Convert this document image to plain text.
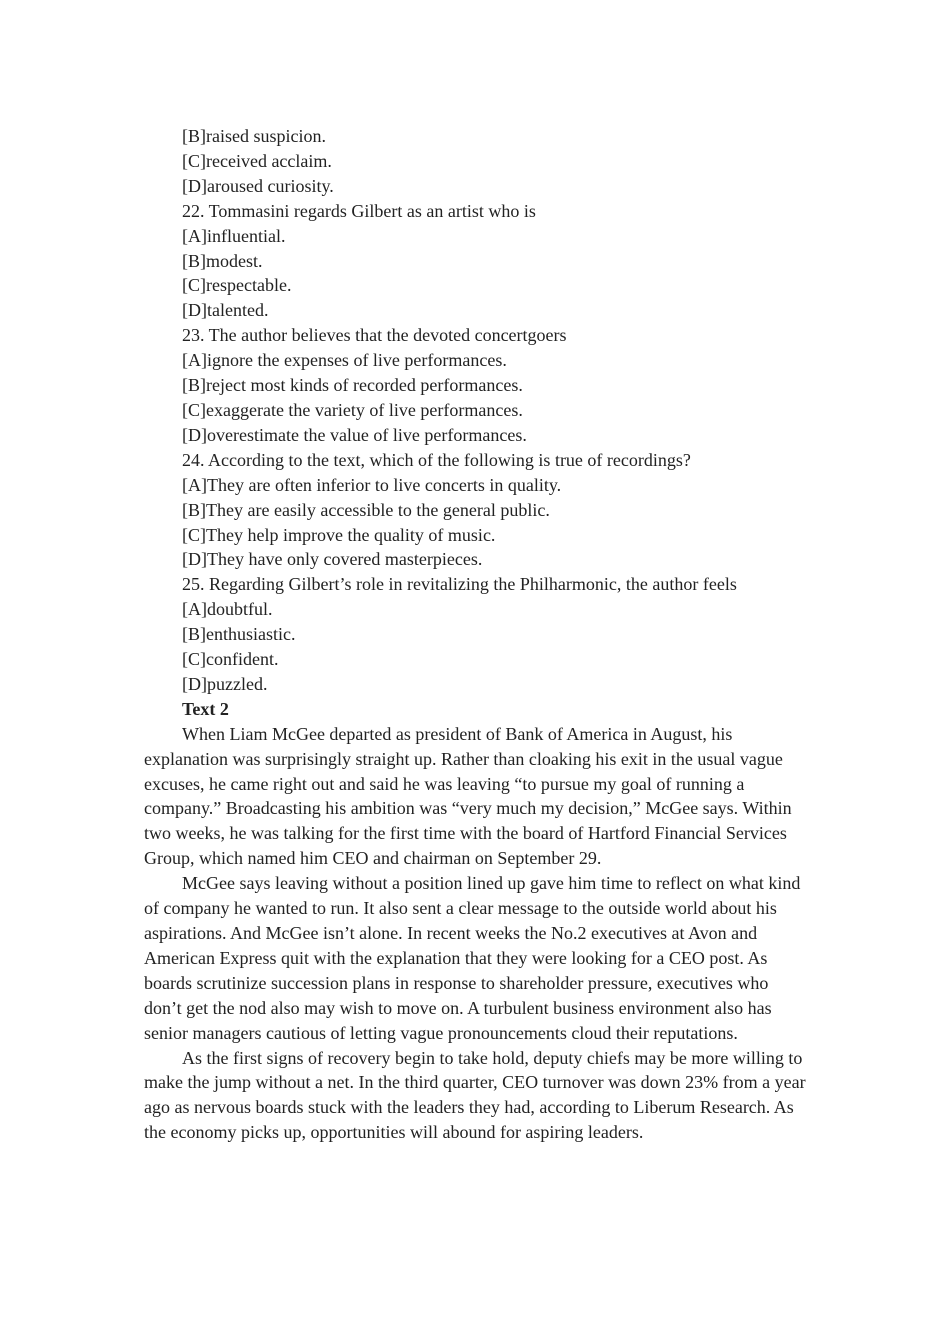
[B]raised suspicion.

[C]received acclaim.

[D]aroused curiosity.

22. Tommasini regards Gilbert as an artist who is

[A]influential.

[B]modest.

[C]respectable.

[D]talented.

23. The author believes that the devoted concertgoers

[A]ignore the expenses of live performances.

[B]reject most kinds of recorded performances.

[C]exaggerate the variety of live performances.

[D]overestimate the value of live performances.

24. According to the text, which of the following is true of recordings?

[A]They are often inferior to live concerts in quality.

[B]They are easily accessible to the general public.

[C]They help improve the quality of music.

[D]They have only covered masterpieces.

25. Regarding Gilbert’s role in revitalizing the Philharmonic, the author feels

[A]doubtful.

[B]enthusiastic.

[C]confident.

[D]puzzled.

Text 2

When Liam McGee departed as president of Bank of America in August, his explanation was surprisingly straight up. Rather than cloaking his exit in the usual vague excuses, he came right out and said he was leaving “to pursue my goal of running a company.” Broadcasting his ambition was “very much my decision,” McGee says. Within two weeks, he was talking for the first time with the board of Hartford Financial Services Group, which named him CEO and chairman on September 29.

McGee says leaving without a position lined up gave him time to reflect on what kind of company he wanted to run. It also sent a clear message to the outside world about his aspirations. And McGee isn’t alone. In recent weeks the No.2 executives at Avon and American Express quit with the explanation that they were looking for a CEO post. As boards scrutinize succession plans in response to shareholder pressure, executives who don’t get the nod also may wish to move on. A turbulent business environment also has senior managers cautious of letting vague pronouncements cloud their reputations.

As the first signs of recovery begin to take hold, deputy chiefs may be more willing to make the jump without a net. In the third quarter, CEO turnover was down 23% from a year ago as nervous boards stuck with the leaders they had, according to Liberum Research. As the economy picks up, opportunities will abound for aspiring leaders.
